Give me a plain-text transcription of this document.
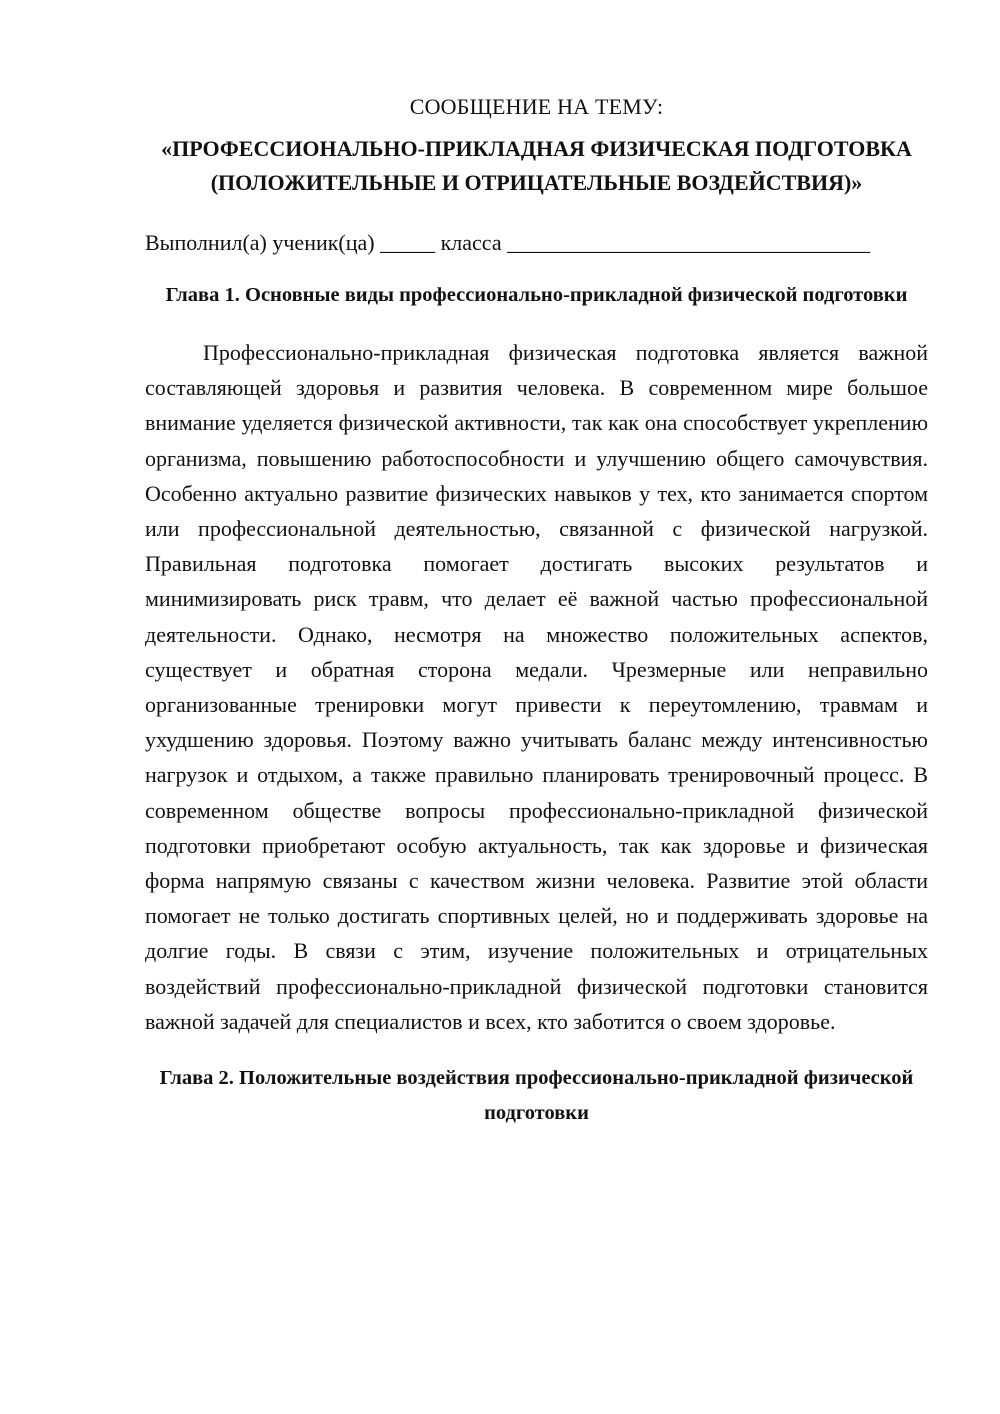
СООБЩЕНИЕ НА ТЕМУ:

«ПРОФЕССИОНАЛЬНО-ПРИКЛАДНАЯ ФИЗИЧЕСКАЯ ПОДГОТОВКА (ПОЛОЖИТЕЛЬНЫЕ И ОТРИЦАТЕЛЬНЫЕ ВОЗДЕЙСТВИЯ)»

Выполнил(а) ученик(ца) _____ класса _________________________________

Глава 1. Основные виды профессионально-прикладной физической подготовки

Профессионально-прикладная физическая подготовка является важной составляющей здоровья и развития человека. В современном мире большое внимание уделяется физической активности, так как она способствует укреплению организма, повышению работоспособности и улучшению общего самочувствия. Особенно актуально развитие физических навыков у тех, кто занимается спортом или профессиональной деятельностью, связанной с физической нагрузкой. Правильная подготовка помогает достигать высоких результатов и минимизировать риск травм, что делает её важной частью профессиональной деятельности. Однако, несмотря на множество положительных аспектов, существует и обратная сторона медали. Чрезмерные или неправильно организованные тренировки могут привести к переутомлению, травмам и ухудшению здоровья. Поэтому важно учитывать баланс между интенсивностью нагрузок и отдыхом, а также правильно планировать тренировочный процесс. В современном обществе вопросы профессионально-прикладной физической подготовки приобретают особую актуальность, так как здоровье и физическая форма напрямую связаны с качеством жизни человека. Развитие этой области помогает не только достигать спортивных целей, но и поддерживать здоровье на долгие годы. В связи с этим, изучение положительных и отрицательных воздействий профессионально-прикладной физической подготовки становится важной задачей для специалистов и всех, кто заботится о своем здоровье.

Глава 2. Положительные воздействия профессионально-прикладной физической подготовки
